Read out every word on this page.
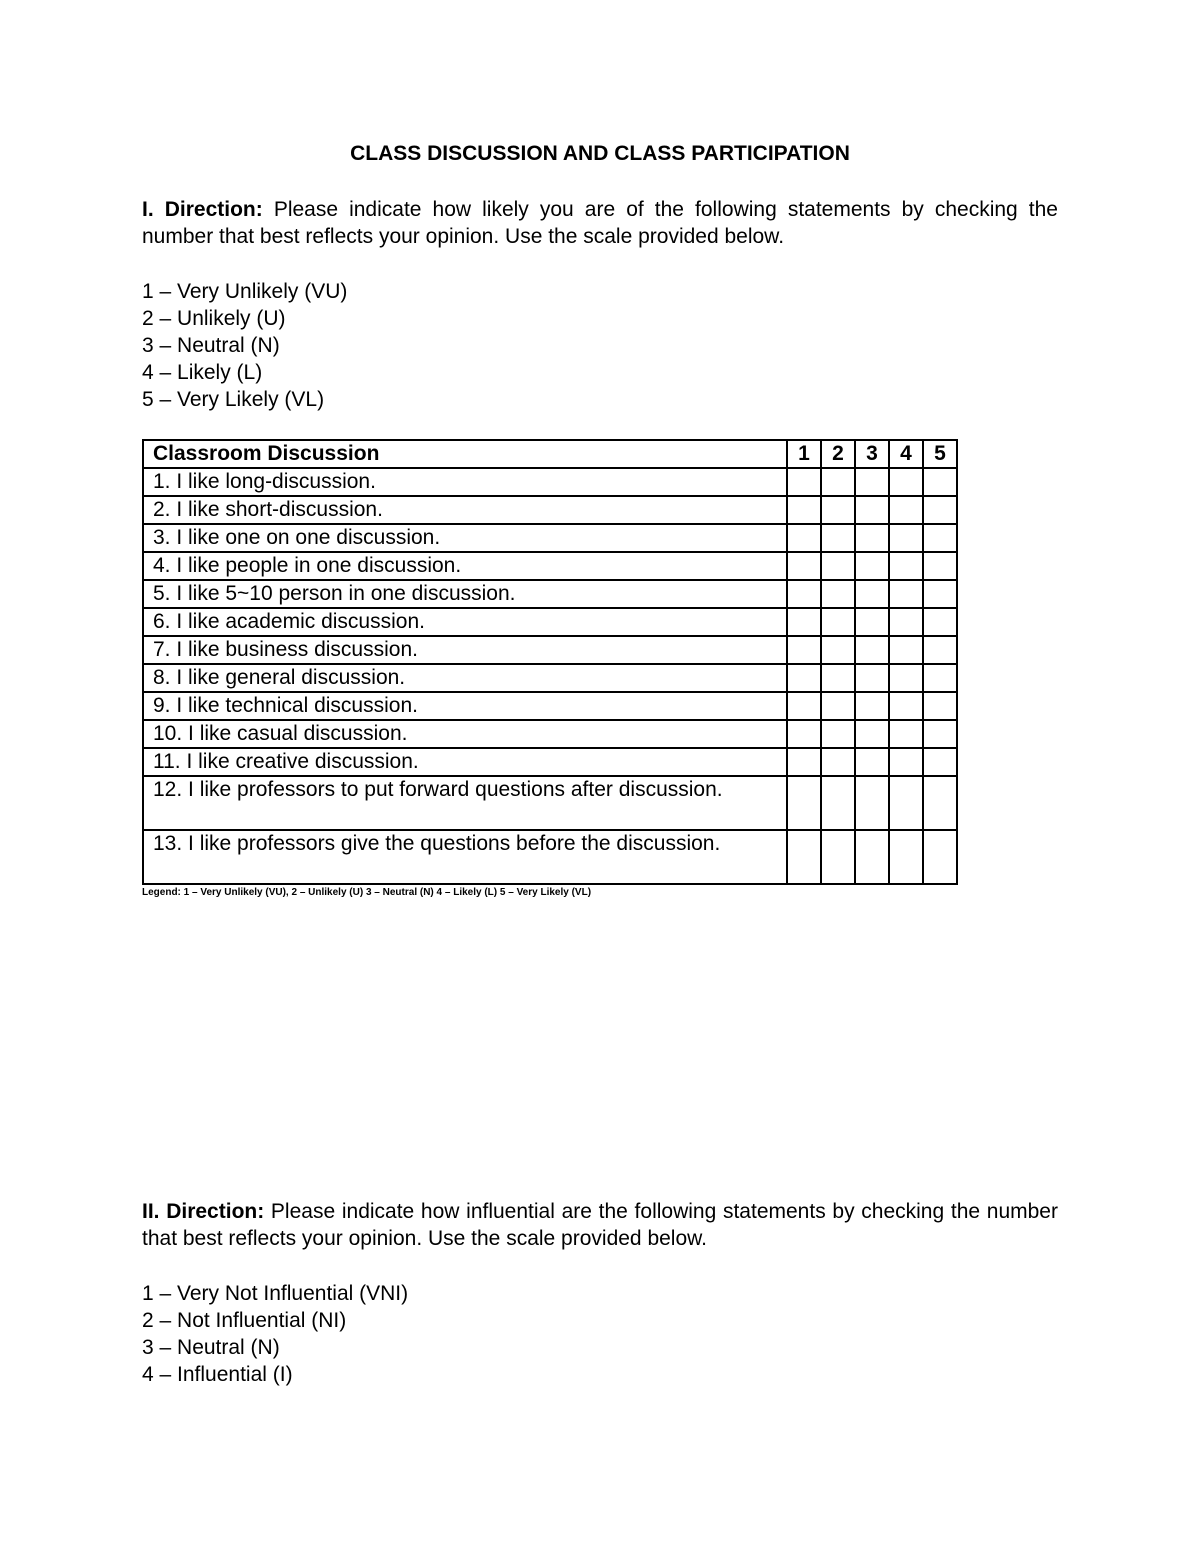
CLASS DISCUSSION AND CLASS PARTICIPATION
I. Direction: Please indicate how likely you are of the following statements by checking the number that best reflects your opinion. Use the scale provided below.
1 – Very Unlikely (VU)
2 – Unlikely (U)
3 – Neutral (N)
4 – Likely (L)
5 – Very Likely (VL)
Classroom Discussion	1	2	3	4	5
1. I like long-discussion.					
2. I like short-discussion.					
3. I like one on one discussion.					
4. I like people in one discussion.					
5. I like 5~10 person in one discussion.					
6. I like academic discussion.					
7. I like business discussion.					
8. I like general discussion.					
9. I like technical discussion.					
10. I like casual discussion.					
11. I like creative discussion.					
12. I like professors to put forward questions after discussion.					
13. I like professors give the questions before the discussion.					
Legend: 1 – Very Unlikely (VU), 2 – Unlikely (U) 3 – Neutral (N) 4 – Likely (L) 5 – Very Likely (VL)
II. Direction: Please indicate how influential are the following statements by checking the number that best reflects your opinion. Use the scale provided below.
1 – Very Not Influential (VNI)
2 – Not Influential (NI)
3 – Neutral (N)
4 – Influential (I)
